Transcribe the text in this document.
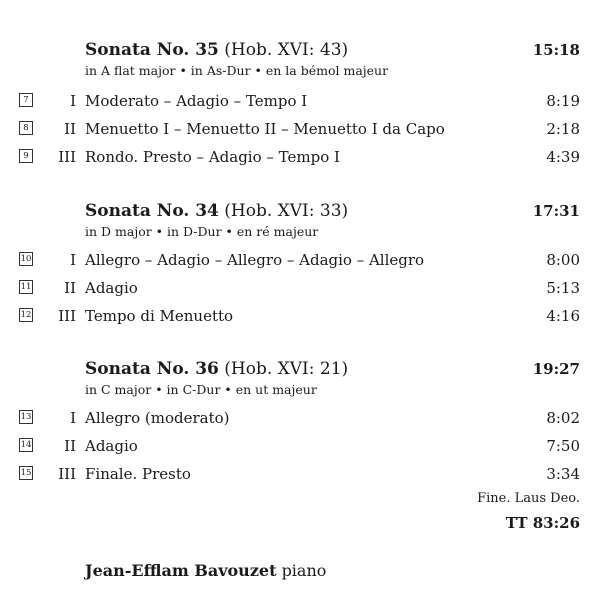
Sonata No. 35 (Hob. XVI: 43)	15:18
in A flat major • in As-Dur • en la bémol majeur
7	I Moderato – Adagio – Tempo I	8:19
8	II Menuetto I – Menuetto II – Menuetto I da Capo	2:18
9	III Rondo. Presto – Adagio – Tempo I	4:39
Sonata No. 34 (Hob. XVI: 33)	17:31
in D major • in D-Dur • en ré majeur
10	I Allegro – Adagio – Allegro – Adagio – Allegro	8:00
11	II Adagio	5:13
12	III Tempo di Menuetto	4:16
Sonata No. 36 (Hob. XVI: 21)	19:27
in C major • in C-Dur • en ut majeur
13	I Allegro (moderato)	8:02
14	II Adagio	7:50
15	III Finale. Presto	3:34
Fine. Laus Deo.
TT 83:26
Jean-Efflam Bavouzet piano
